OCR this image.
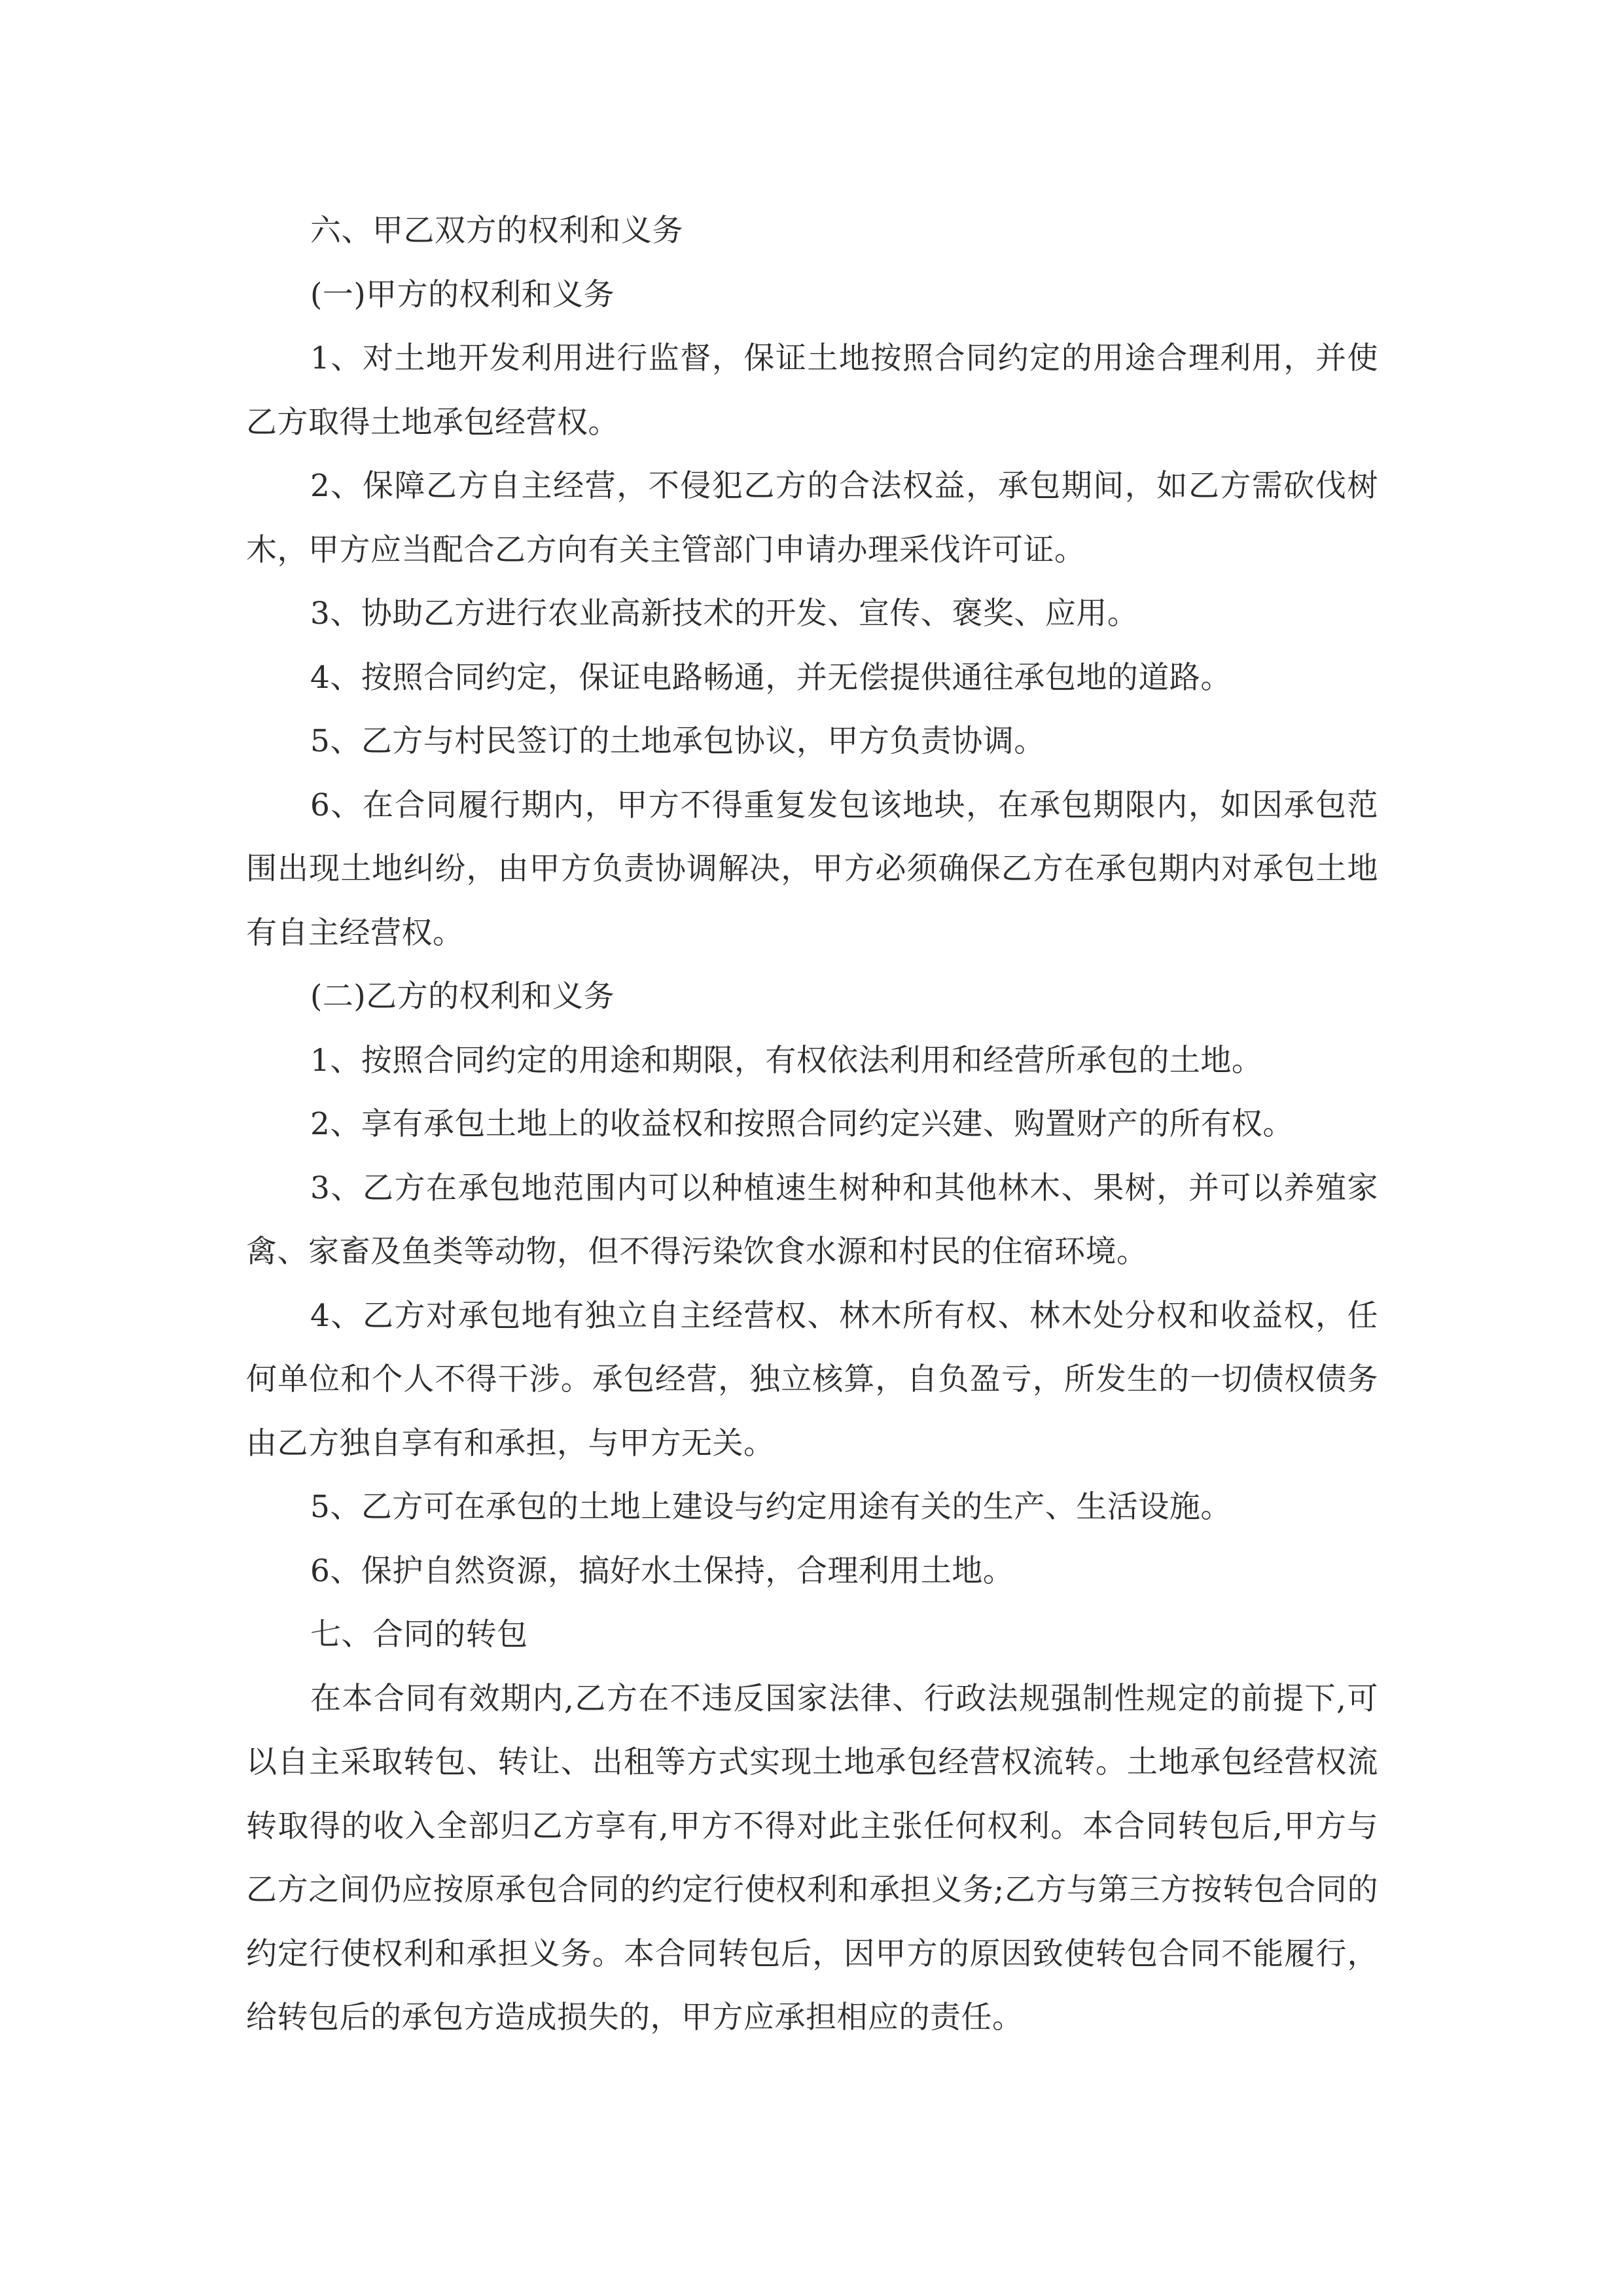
六、甲乙双方的权利和义务

(一)甲方的权利和义务

1、对土地开发利用进行监督，保证土地按照合同约定的用途合理利用，并使乙方取得土地承包经营权。

2、保障乙方自主经营，不侵犯乙方的合法权益，承包期间，如乙方需砍伐树木，甲方应当配合乙方向有关主管部门申请办理采伐许可证。

3、协助乙方进行农业高新技术的开发、宣传、褒奖、应用。

4、按照合同约定，保证电路畅通，并无偿提供通往承包地的道路。

5、乙方与村民签订的土地承包协议，甲方负责协调。

6、在合同履行期内，甲方不得重复发包该地块，在承包期限内，如因承包范围出现土地纠纷，由甲方负责协调解决，甲方必须确保乙方在承包期内对承包土地有自主经营权。

(二)乙方的权利和义务

1、按照合同约定的用途和期限，有权依法利用和经营所承包的土地。

2、享有承包土地上的收益权和按照合同约定兴建、购置财产的所有权。

3、乙方在承包地范围内可以种植速生树种和其他林木、果树，并可以养殖家禽、家畜及鱼类等动物，但不得污染饮食水源和村民的住宿环境。

4、乙方对承包地有独立自主经营权、林木所有权、林木处分权和收益权，任何单位和个人不得干涉。承包经营，独立核算，自负盈亏，所发生的一切债权债务由乙方独自享有和承担，与甲方无关。

5、乙方可在承包的土地上建设与约定用途有关的生产、生活设施。

6、保护自然资源，搞好水土保持，合理利用土地。

七、合同的转包

在本合同有效期内,乙方在不违反国家法律、行政法规强制性规定的前提下,可以自主采取转包、转让、出租等方式实现土地承包经营权流转。土地承包经营权流转取得的收入全部归乙方享有,甲方不得对此主张任何权利。本合同转包后,甲方与乙方之间仍应按原承包合同的约定行使权利和承担义务;乙方与第三方按转包合同的约定行使权利和承担义务。本合同转包后，因甲方的原因致使转包合同不能履行，给转包后的承包方造成损失的，甲方应承担相应的责任。
